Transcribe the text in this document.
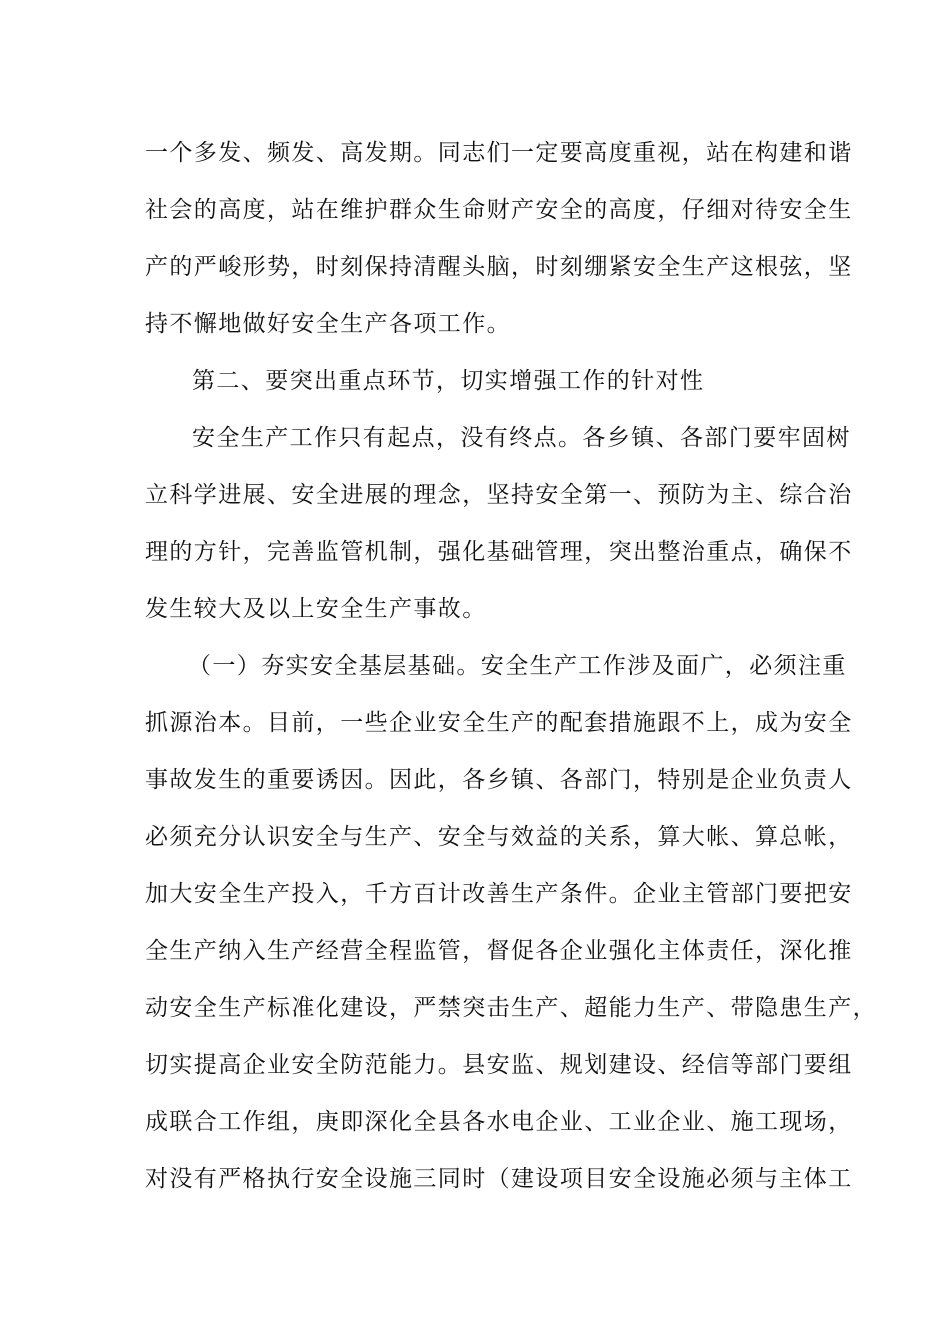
一个多发、频发、高发期。同志们一定要高度重视，站在构建和谐
社会的高度，站在维护群众生命财产安全的高度，仔细对待安全生
产的严峻形势，时刻保持清醒头脑，时刻绷紧安全生产这根弦，坚
持不懈地做好安全生产各项工作。
第二、要突出重点环节，切实增强工作的针对性
安全生产工作只有起点，没有终点。各乡镇、各部门要牢固树
立科学进展、安全进展的理念，坚持安全第一、预防为主、综合治
理的方针，完善监管机制，强化基础管理，突出整治重点，确保不
发生较大及以上安全生产事故。
（一）夯实安全基层基础。安全生产工作涉及面广，必须注重
抓源治本。目前，一些企业安全生产的配套措施跟不上，成为安全
事故发生的重要诱因。因此，各乡镇、各部门，特别是企业负责人
必须充分认识安全与生产、安全与效益的关系，算大帐、算总帐，
加大安全生产投入，千方百计改善生产条件。企业主管部门要把安
全生产纳入生产经营全程监管，督促各企业强化主体责任，深化推
动安全生产标准化建设，严禁突击生产、超能力生产、带隐患生产，
切实提高企业安全防范能力。县安监、规划建设、经信等部门要组
成联合工作组，庚即深化全县各水电企业、工业企业、施工现场，
对没有严格执行安全设施三同时（建设项目安全设施必须与主体工
